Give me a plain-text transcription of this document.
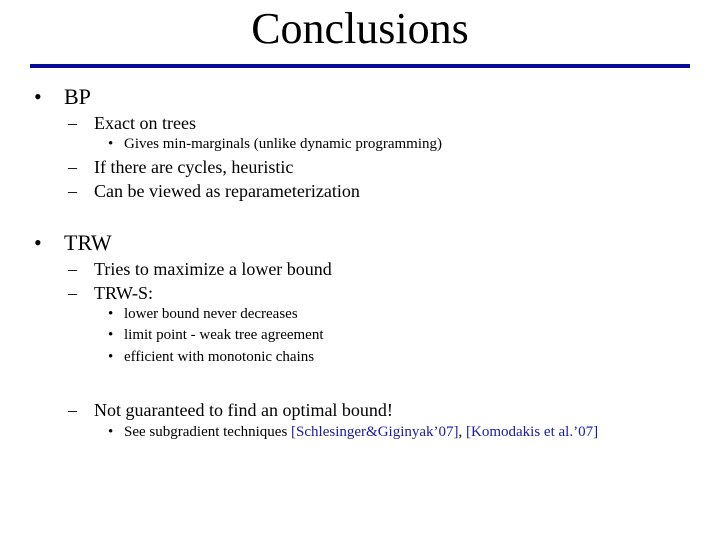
Conclusions
• BP
– Exact on trees
• Gives min-marginals (unlike dynamic programming)
– If there are cycles, heuristic
– Can be viewed as reparameterization
• TRW
– Tries to maximize a lower bound
– TRW-S:
• lower bound never decreases
• limit point - weak tree agreement
• efficient with monotonic chains
– Not guaranteed to find an optimal bound!
• See subgradient techniques [Schlesinger&Giginyak’07], [Komodakis et al.’07]
